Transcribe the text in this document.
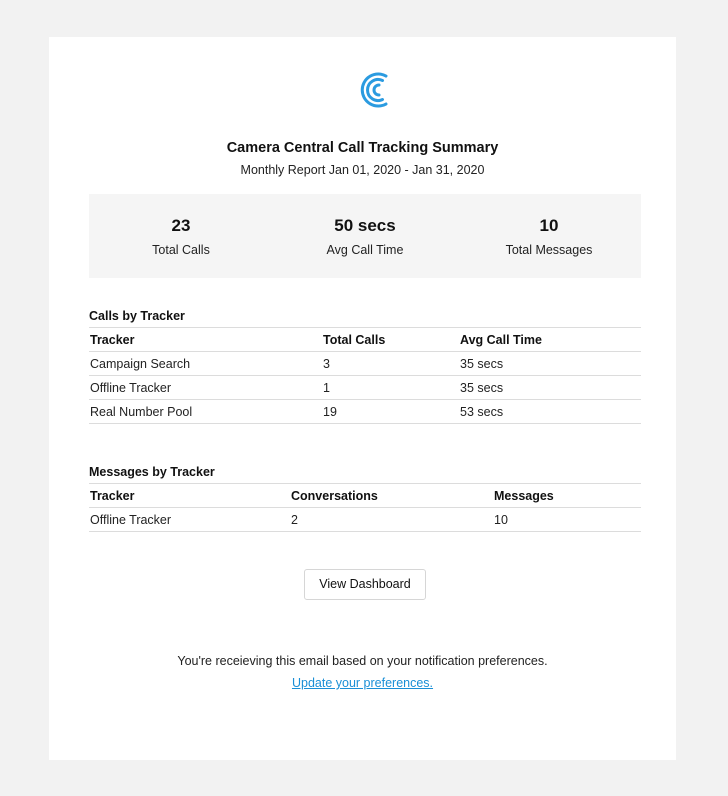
Camera Central Call Tracking Summary
Monthly Report Jan 01, 2020 - Jan 31, 2020
23
Total Calls
50 secs
Avg Call Time
10
Total Messages
Calls by Tracker
Tracker	Total Calls	Avg Call Time
Campaign Search	3	35 secs
Offline Tracker	1	35 secs
Real Number Pool	19	53 secs
Messages by Tracker
Tracker	Conversations	Messages
Offline Tracker	2	10
View Dashboard
You're receieving this email based on your notification preferences.
Update your preferences.
